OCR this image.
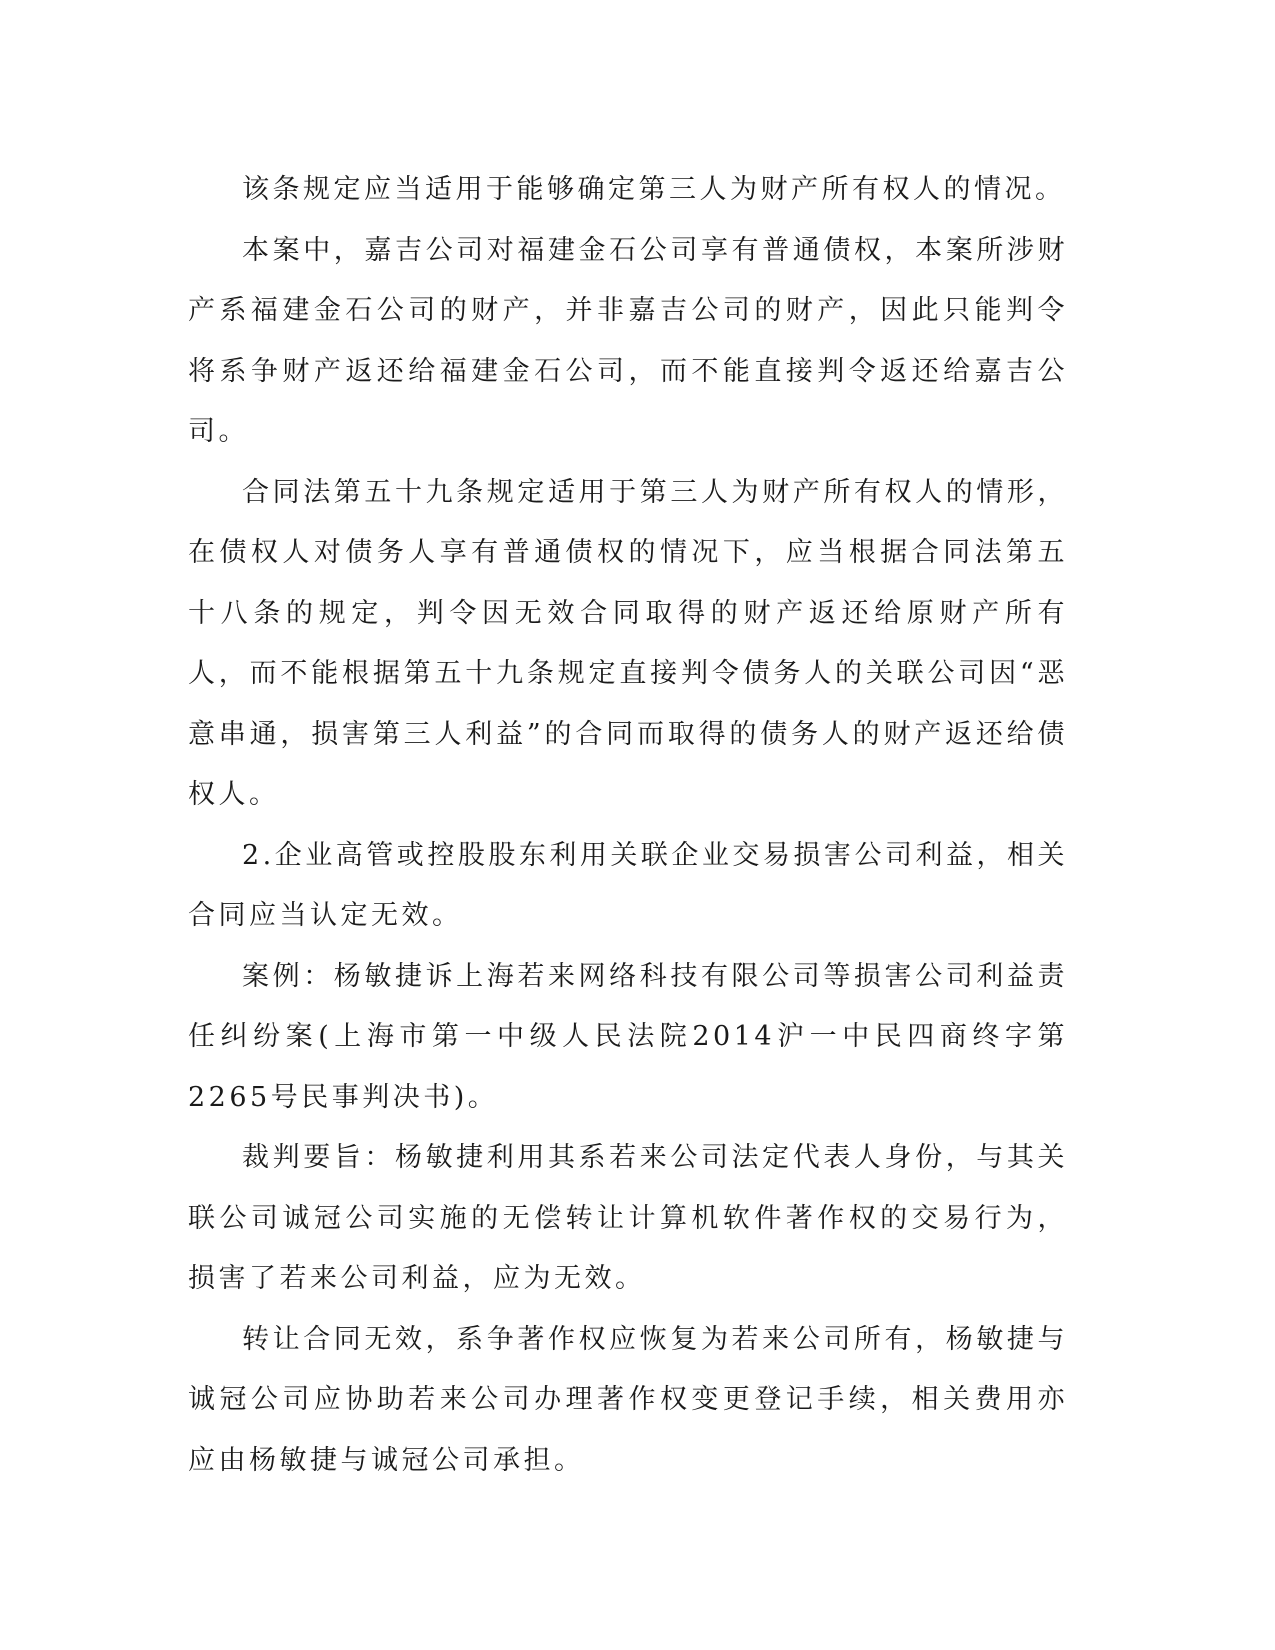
该条规定应当适用于能够确定第三人为财产所有权人的情况。

本案中，嘉吉公司对福建金石公司享有普通债权，本案所涉财产系福建金石公司的财产，并非嘉吉公司的财产，因此只能判令将系争财产返还给福建金石公司，而不能直接判令返还给嘉吉公司。

合同法第五十九条规定适用于第三人为财产所有权人的情形，在债权人对债务人享有普通债权的情况下，应当根据合同法第五十八条的规定，判令因无效合同取得的财产返还给原财产所有人，而不能根据第五十九条规定直接判令债务人的关联公司因“恶意串通，损害第三人利益”的合同而取得的债务人的财产返还给债权人。

2.企业高管或控股股东利用关联企业交易损害公司利益，相关合同应当认定无效。

案例：杨敏捷诉上海若来网络科技有限公司等损害公司利益责任纠纷案(上海市第一中级人民法院2014沪一中民四商终字第2265号民事判决书)。

裁判要旨：杨敏捷利用其系若来公司法定代表人身份，与其关联公司诚冠公司实施的无偿转让计算机软件著作权的交易行为，损害了若来公司利益，应为无效。

转让合同无效，系争著作权应恢复为若来公司所有，杨敏捷与诚冠公司应协助若来公司办理著作权变更登记手续，相关费用亦应由杨敏捷与诚冠公司承担。
